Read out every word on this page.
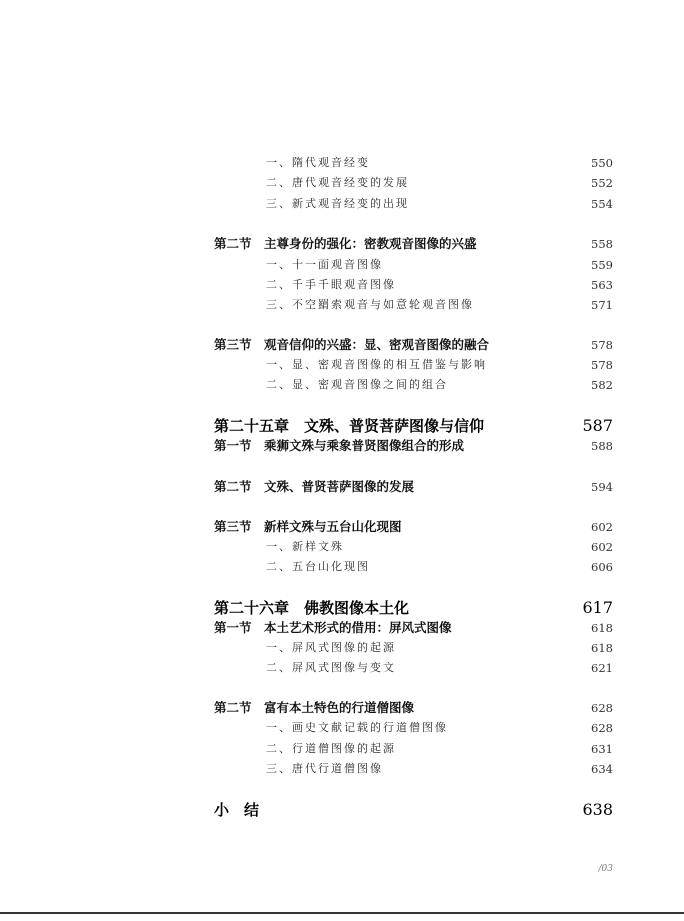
一、隋代观音经变	550
二、唐代观音经变的发展	552
三、新式观音经变的出现	554
第二节 主尊身份的强化：密教观音图像的兴盛	558
一、十一面观音图像	559
二、千手千眼观音图像	563
三、不空羂索观音与如意轮观音图像	571
第三节 观音信仰的兴盛：显、密观音图像的融合	578
一、显、密观音图像的相互借鉴与影响	578
二、显、密观音图像之间的组合	582
第二十五章　文殊、普贤菩萨图像与信仰	587
第一节 乘狮文殊与乘象普贤图像组合的形成	588
第二节 文殊、普贤菩萨图像的发展	594
第三节 新样文殊与五台山化现图	602
一、新样文殊	602
二、五台山化现图	606
第二十六章　佛教图像本土化	617
第一节 本土艺术形式的借用：屏风式图像	618
一、屏风式图像的起源	618
二、屏风式图像与变文	621
第二节 富有本土特色的行道僧图像	628
一、画史文献记载的行道僧图像	628
二、行道僧图像的起源	631
三、唐代行道僧图像	634
小　结	638
/03
